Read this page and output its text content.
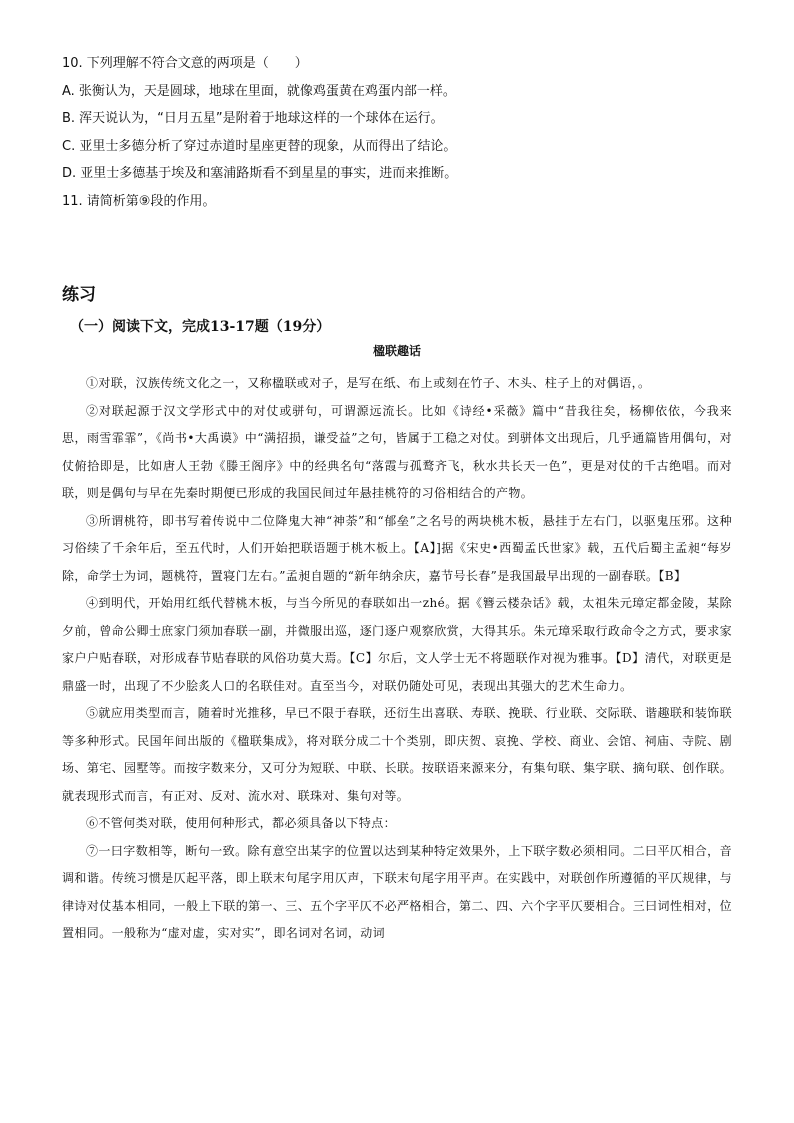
10. 下列理解不符合文意的两项是（　　）
A. 张衡认为，天是圆球，地球在里面，就像鸡蛋黄在鸡蛋内部一样。
B. 浑天说认为，“日月五星”是附着于地球这样的一个球体在运行。
C. 亚里士多德分析了穿过赤道时星座更替的现象，从而得出了结论。
D. 亚里士多德基于埃及和塞浦路斯看不到星星的事实，进而来推断。
11. 请简析第⑨段的作用。
练习
（一）阅读下文，完成13-17题（19分）
楹联趣话

①对联，汉族传统文化之一，又称楹联或对子，是写在纸、布上或刻在竹子、木头、柱子上的对偶语，。

②对联起源于汉文学形式中的对仗或骈句，可谓源远流长。比如《诗经•采薇》篇中“昔我往矣，杨柳依依，今我来思，雨雪霏霏”，《尚书•大禹谟》中“满招损，谦受益”之句，皆属于工稳之对仗。到骈体文出现后，几乎通篇皆用偶句，对仗俯拾即是，比如唐人王勃《滕王阁序》中的经典名句“落霞与孤鹜齐飞，秋水共长天一色”，更是对仗的千古绝唱。而对联，则是偶句与早在先秦时期便已形成的我国民间过年悬挂桃符的习俗相结合的产物。

③所谓桃符，即书写着传说中二位降鬼大神“神荼”和“郁垒”之名号的两块桃木板，悬挂于左右门，以驱鬼压邪。这种习俗续了千余年后，至五代时，人们开始把联语题于桃木板上。【A】]据《宋史•西蜀孟氏世家》载，五代后蜀主孟昶“每岁除，命学士为词，题桃符，置寝门左右。”孟昶自题的“新年纳余庆，嘉节号长春”是我国最早出现的一副春联。【B】

④到明代，开始用红纸代替桃木板，与当今所见的春联如出一zhé。据《簪云楼杂话》载，太祖朱元璋定都金陵，某除夕前，曾命公卿士庶家门须加春联一副，并微服出巡，逐门逐户观察欣赏，大得其乐。朱元璋采取行政命令之方式，要求家家户户贴春联，对形成春节贴春联的风俗功莫大焉。【C】尔后，文人学士无不将题联作对视为雅事。【D】清代，对联更是鼎盛一时，出现了不少脍炙人口的名联佳对。直至当今，对联仍随处可见，表现出其强大的艺术生命力。

⑤就应用类型而言，随着时光推移，早已不限于春联，还衍生出喜联、寿联、挽联、行业联、交际联、谐趣联和装饰联等多种形式。民国年间出版的《楹联集成》，将对联分成二十个类别，即庆贺、哀挽、学校、商业、会馆、祠庙、寺院、剧场、第宅、园墅等。而按字数来分，又可分为短联、中联、长联。按联语来源来分，有集句联、集字联、摘句联、创作联。就表现形式而言，有正对、反对、流水对、联珠对、集句对等。

⑥不管何类对联，使用何种形式，都必须具备以下特点：

⑦一曰字数相等，断句一致。除有意空出某字的位置以达到某种特定效果外，上下联字数必须相同。二曰平仄相合，音调和谐。传统习惯是仄起平落，即上联末句尾字用仄声，下联末句尾字用平声。在实践中，对联创作所遵循的平仄规律，与律诗对仗基本相同，一般上下联的第一、三、五个字平仄不必严格相合，第二、四、六个字平仄要相合。三曰词性相对，位置相同。一般称为“虚对虚，实对实”，即名词对名词，动词
